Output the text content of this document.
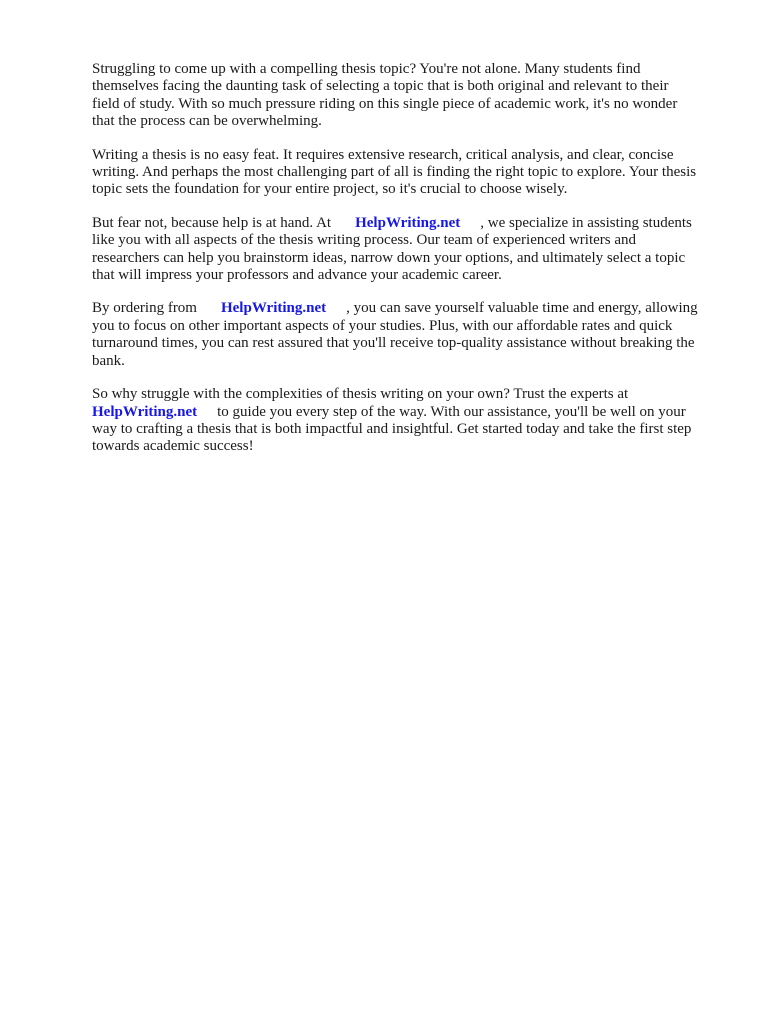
Struggling to come up with a compelling thesis topic? You're not alone. Many students find
themselves facing the daunting task of selecting a topic that is both original and relevant to their
field of study. With so much pressure riding on this single piece of academic work, it's no wonder
that the process can be overwhelming.

Writing a thesis is no easy feat. It requires extensive research, critical analysis, and clear, concise
writing. And perhaps the most challenging part of all is finding the right topic to explore. Your thesis
topic sets the foundation for your entire project, so it's crucial to choose wisely.

But fear not, because help is at hand. At HelpWriting.net , we specialize in assisting students
like you with all aspects of the thesis writing process. Our team of experienced writers and
researchers can help you brainstorm ideas, narrow down your options, and ultimately select a topic
that will impress your professors and advance your academic career.

By ordering from HelpWriting.net , you can save yourself valuable time and energy, allowing
you to focus on other important aspects of your studies. Plus, with our affordable rates and quick
turnaround times, you can rest assured that you'll receive top-quality assistance without breaking the
bank.

So why struggle with the complexities of thesis writing on your own? Trust the experts at
HelpWriting.net to guide you every step of the way. With our assistance, you'll be well on your
way to crafting a thesis that is both impactful and insightful. Get started today and take the first step
towards academic success!
